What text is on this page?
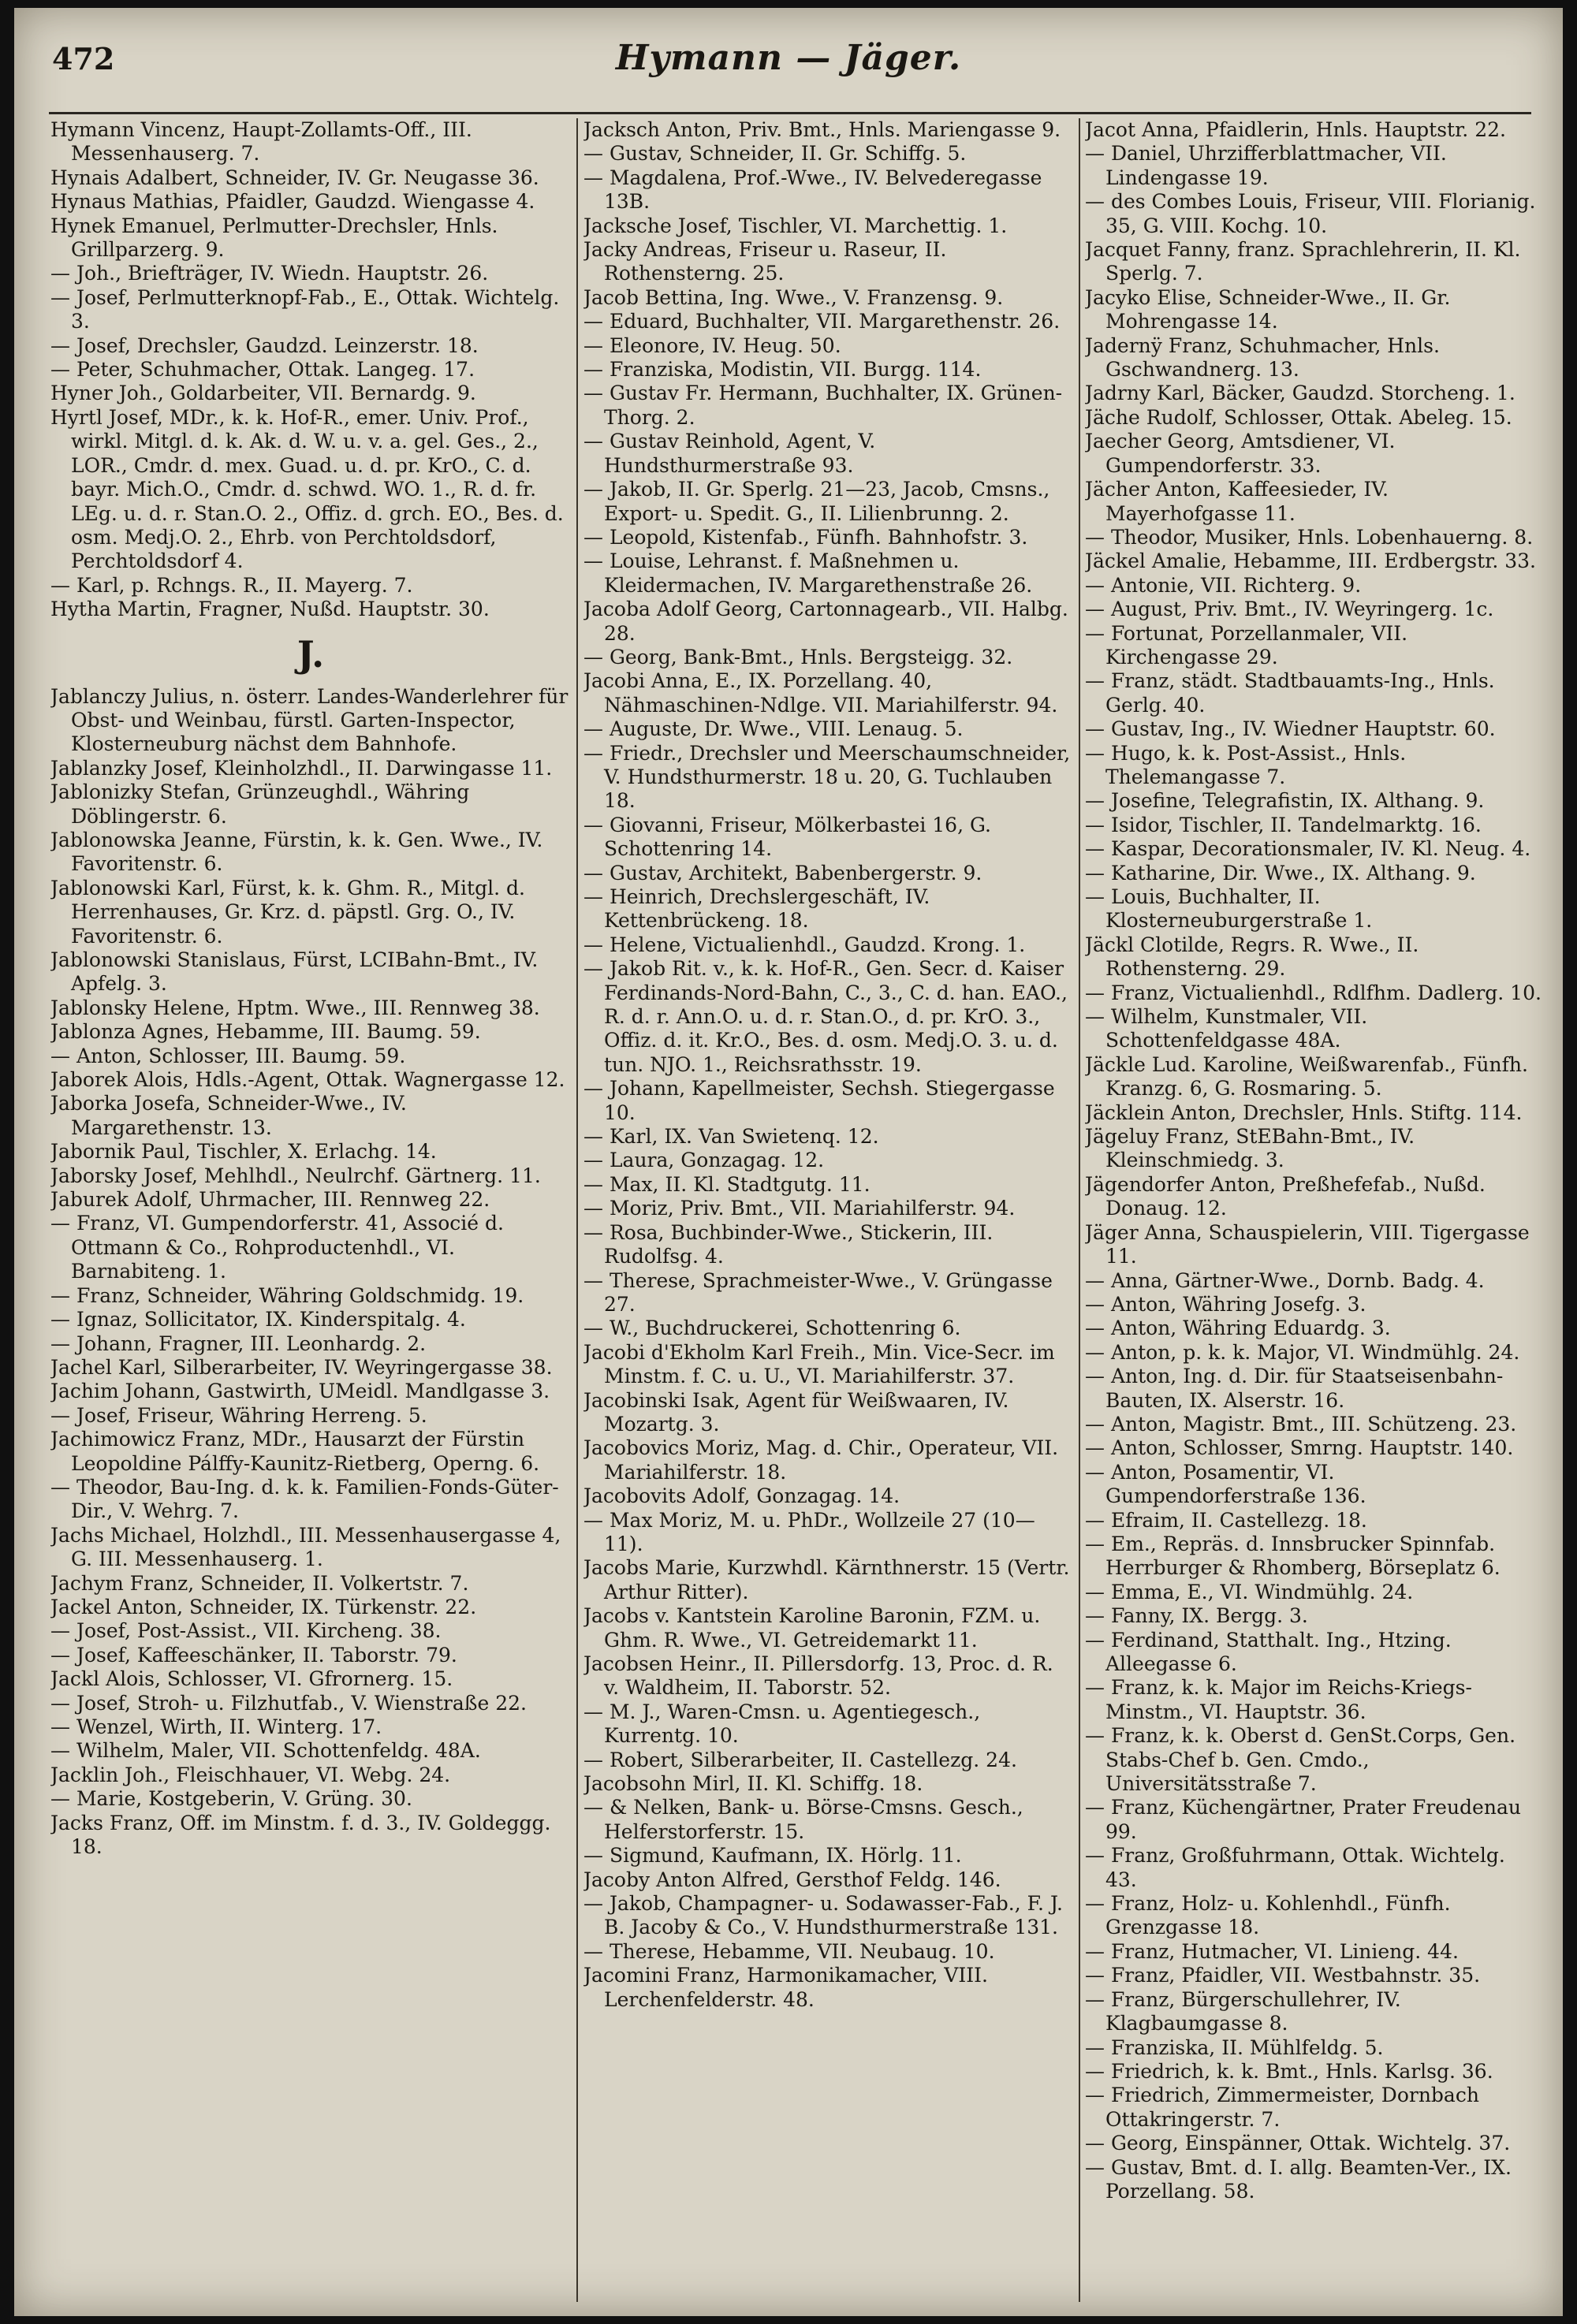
472	Hymann — Jäger.

Hymann Vincenz, Haupt-Zollamts-Off., III. Messenhauserg. 7.

Hynais Adalbert, Schneider, IV. Gr. Neugasse 36.

Hynaus Mathias, Pfaidler, Gaudzd. Wiengasse 4.

Hynek Emanuel, Perlmutter-Drechsler, Hnls. Grillparzerg. 9.

— Joh., Briefträger, IV. Wiedn. Hauptstr. 26.

— Josef, Perlmutterknopf-Fab., E., Ottak. Wichtelg. 3.

— Josef, Drechsler, Gaudzd. Leinzerstr. 18.

— Peter, Schuhmacher, Ottak. Langeg. 17.

Hyner Joh., Goldarbeiter, VII. Bernardg. 9.

Hyrtl Josef, MDr., k. k. Hof-R., emer. Univ. Prof., wirkl. Mitgl. d. k. Ak. d. W. u. v. a. gel. Ges., 2., LOR., Cmdr. d. mex. Guad. u. d. pr. KrO., C. d. bayr. Mich.O., Cmdr. d. schwd. WO. 1., R. d. fr. LEg. u. d. r. Stan.O. 2., Offiz. d. grch. EO., Bes. d. osm. Medj.O. 2., Ehrb. von Perchtoldsdorf, Perchtoldsdorf 4.

— Karl, p. Rchngs. R., II. Mayerg. 7.

Hytha Martin, Fragner, Nußd. Hauptstr. 30.

J.

Jablanczy Julius, n. österr. Landes-Wanderlehrer für Obst- und Weinbau, fürstl. Garten-Inspector, Klosterneuburg nächst dem Bahnhofe.

Jablanzky Josef, Kleinholzhdl., II. Darwingasse 11.

Jablonizky Stefan, Grünzeughdl., Währing Döblingerstr. 6.

Jablonowska Jeanne, Fürstin, k. k. Gen. Wwe., IV. Favoritenstr. 6.

Jablonowski Karl, Fürst, k. k. Ghm. R., Mitgl. d. Herrenhauses, Gr. Krz. d. päpstl. Grg. O., IV. Favoritenstr. 6.

Jablonowski Stanislaus, Fürst, LCIBahn-Bmt., IV. Apfelg. 3.

Jablonsky Helene, Hptm. Wwe., III. Rennweg 38.

Jablonza Agnes, Hebamme, III. Baumg. 59.

— Anton, Schlosser, III. Baumg. 59.

Jaborek Alois, Hdls.-Agent, Ottak. Wagnergasse 12.

Jaborka Josefa, Schneider-Wwe., IV. Margarethenstr. 13.

Jabornik Paul, Tischler, X. Erlachg. 14.

Jaborsky Josef, Mehlhdl., Neulrchf. Gärtnerg. 11.

Jaburek Adolf, Uhrmacher, III. Rennweg 22.

— Franz, VI. Gumpendorferstr. 41, Associé d. Ottmann & Co., Rohproductenhdl., VI. Barnabiteng. 1.

— Franz, Schneider, Währing Goldschmidg. 19.

— Ignaz, Sollicitator, IX. Kinderspitalg. 4.

— Johann, Fragner, III. Leonhardg. 2.

Jachel Karl, Silberarbeiter, IV. Weyringergasse 38.

Jachim Johann, Gastwirth, UMeidl. Mandlgasse 3.

— Josef, Friseur, Währing Herreng. 5.

Jachimowicz Franz, MDr., Hausarzt der Fürstin Leopoldine Pálffy-Kaunitz-Rietberg, Operng. 6.

— Theodor, Bau-Ing. d. k. k. Familien-Fonds-Güter-Dir., V. Wehrg. 7.

Jachs Michael, Holzhdl., III. Messenhausergasse 4, G. III. Messenhauserg. 1.

Jachym Franz, Schneider, II. Volkertstr. 7.

Jackel Anton, Schneider, IX. Türkenstr. 22.

— Josef, Post-Assist., VII. Kircheng. 38.

— Josef, Kaffeeschänker, II. Taborstr. 79.

Jackl Alois, Schlosser, VI. Gfrornerg. 15.

— Josef, Stroh- u. Filzhutfab., V. Wienstraße 22.

— Wenzel, Wirth, II. Winterg. 17.

— Wilhelm, Maler, VII. Schottenfeldg. 48A.

Jacklin Joh., Fleischhauer, VI. Webg. 24.

— Marie, Kostgeberin, V. Grüng. 30.

Jacks Franz, Off. im Minstm. f. d. 3., IV. Goldeggg. 18.

Jacksch Anton, Priv. Bmt., Hnls. Mariengasse 9.

— Gustav, Schneider, II. Gr. Schiffg. 5.

— Magdalena, Prof.-Wwe., IV. Belvederegasse 13B.

Jacksche Josef, Tischler, VI. Marchettig. 1.

Jacky Andreas, Friseur u. Raseur, II. Rothensterng. 25.

Jacob Bettina, Ing. Wwe., V. Franzensg. 9.

— Eduard, Buchhalter, VII. Margarethenstr. 26.

— Eleonore, IV. Heug. 50.

— Franziska, Modistin, VII. Burgg. 114.

— Gustav Fr. Hermann, Buchhalter, IX. Grünen-Thorg. 2.

— Gustav Reinhold, Agent, V. Hundsthurmerstraße 93.

— Jakob, II. Gr. Sperlg. 21—23, Jacob, Cmsns., Export- u. Spedit. G., II. Lilienbrunng. 2.

— Leopold, Kistenfab., Fünfh. Bahnhofstr. 3.

— Louise, Lehranst. f. Maßnehmen u. Kleidermachen, IV. Margarethenstraße 26.

Jacoba Adolf Georg, Cartonnagearb., VII. Halbg. 28.

— Georg, Bank-Bmt., Hnls. Bergsteigg. 32.

Jacobi Anna, E., IX. Porzellang. 40, Nähmaschinen-Ndlge. VII. Mariahilferstr. 94.

— Auguste, Dr. Wwe., VIII. Lenaug. 5.

— Friedr., Drechsler und Meerschaumschneider, V. Hundsthurmerstr. 18 u. 20, G. Tuchlauben 18.

— Giovanni, Friseur, Mölkerbastei 16, G. Schottenring 14.

— Gustav, Architekt, Babenbergerstr. 9.

— Heinrich, Drechslergeschäft, IV. Kettenbrückeng. 18.

— Helene, Victualienhdl., Gaudzd. Krong. 1.

— Jakob Rit. v., k. k. Hof-R., Gen. Secr. d. Kaiser Ferdinands-Nord-Bahn, C., 3., C. d. han. EAO., R. d. r. Ann.O. u. d. r. Stan.O., d. pr. KrO. 3., Offiz. d. it. Kr.O., Bes. d. osm. Medj.O. 3. u. d. tun. NJO. 1., Reichsrathsstr. 19.

— Johann, Kapellmeister, Sechsh. Stiegergasse 10.

— Karl, IX. Van Swietenq. 12.

— Laura, Gonzagag. 12.

— Max, II. Kl. Stadtgutg. 11.

— Moriz, Priv. Bmt., VII. Mariahilferstr. 94.

— Rosa, Buchbinder-Wwe., Stickerin, III. Rudolfsg. 4.

— Therese, Sprachmeister-Wwe., V. Grüngasse 27.

— W., Buchdruckerei, Schottenring 6.

Jacobi d'Ekholm Karl Freih., Min. Vice-Secr. im Minstm. f. C. u. U., VI. Mariahilferstr. 37.

Jacobinski Isak, Agent für Weißwaaren, IV. Mozartg. 3.

Jacobovics Moriz, Mag. d. Chir., Operateur, VII. Mariahilferstr. 18.

Jacobovits Adolf, Gonzagag. 14.

— Max Moriz, M. u. PhDr., Wollzeile 27 (10—11).

Jacobs Marie, Kurzwhdl. Kärnthnerstr. 15 (Vertr. Arthur Ritter).

Jacobs v. Kantstein Karoline Baronin, FZM. u. Ghm. R. Wwe., VI. Getreidemarkt 11.

Jacobsen Heinr., II. Pillersdorfg. 13, Proc. d. R. v. Waldheim, II. Taborstr. 52.

— M. J., Waren-Cmsn. u. Agentiegesch., Kurrentg. 10.

— Robert, Silberarbeiter, II. Castellezg. 24.

Jacobsohn Mirl, II. Kl. Schiffg. 18.

— & Nelken, Bank- u. Börse-Cmsns. Gesch., Helferstorferstr. 15.

— Sigmund, Kaufmann, IX. Hörlg. 11.

Jacoby Anton Alfred, Gersthof Feldg. 146.

— Jakob, Champagner- u. Sodawasser-Fab., F. J. B. Jacoby & Co., V. Hundsthurmerstraße 131.

— Therese, Hebamme, VII. Neubaug. 10.

Jacomini Franz, Harmonikamacher, VIII. Lerchenfelderstr. 48.

Jacot Anna, Pfaidlerin, Hnls. Hauptstr. 22.

— Daniel, Uhrzifferblattmacher, VII. Lindengasse 19.

— des Combes Louis, Friseur, VIII. Florianig. 35, G. VIII. Kochg. 10.

Jacquet Fanny, franz. Sprachlehrerin, II. Kl. Sperlg. 7.

Jacyko Elise, Schneider-Wwe., II. Gr. Mohrengasse 14.

Jadernÿ Franz, Schuhmacher, Hnls. Gschwandnerg. 13.

Jadrny Karl, Bäcker, Gaudzd. Storcheng. 1.

Jäche Rudolf, Schlosser, Ottak. Abeleg. 15.

Jaecher Georg, Amtsdiener, VI. Gumpendorferstr. 33.

Jächer Anton, Kaffeesieder, IV. Mayerhofgasse 11.

— Theodor, Musiker, Hnls. Lobenhauerng. 8.

Jäckel Amalie, Hebamme, III. Erdbergstr. 33.

— Antonie, VII. Richterg. 9.

— August, Priv. Bmt., IV. Weyringerg. 1c.

— Fortunat, Porzellanmaler, VII. Kirchengasse 29.

— Franz, städt. Stadtbauamts-Ing., Hnls. Gerlg. 40.

— Gustav, Ing., IV. Wiedner Hauptstr. 60.

— Hugo, k. k. Post-Assist., Hnls. Thelemangasse 7.

— Josefine, Telegrafistin, IX. Althang. 9.

— Isidor, Tischler, II. Tandelmarktg. 16.

— Kaspar, Decorationsmaler, IV. Kl. Neug. 4.

— Katharine, Dir. Wwe., IX. Althang. 9.

— Louis, Buchhalter, II. Klosterneuburgerstraße 1.

Jäckl Clotilde, Regrs. R. Wwe., II. Rothensterng. 29.

— Franz, Victualienhdl., Rdlfhm. Dadlerg. 10.

— Wilhelm, Kunstmaler, VII. Schottenfeldgasse 48A.

Jäckle Lud. Karoline, Weißwarenfab., Fünfh. Kranzg. 6, G. Rosmaring. 5.

Jäcklein Anton, Drechsler, Hnls. Stiftg. 114.

Jägeluy Franz, StEBahn-Bmt., IV. Kleinschmiedg. 3.

Jägendorfer Anton, Preßhefefab., Nußd. Donaug. 12.

Jäger Anna, Schauspielerin, VIII. Tigergasse 11.

— Anna, Gärtner-Wwe., Dornb. Badg. 4.

— Anton, Währing Josefg. 3.

— Anton, Währing Eduardg. 3.

— Anton, p. k. k. Major, VI. Windmühlg. 24.

— Anton, Ing. d. Dir. für Staatseisenbahn-Bauten, IX. Alserstr. 16.

— Anton, Magistr. Bmt., III. Schützeng. 23.

— Anton, Schlosser, Smrng. Hauptstr. 140.

— Anton, Posamentir, VI. Gumpendorferstraße 136.

— Efraim, II. Castellezg. 18.

— Em., Repräs. d. Innsbrucker Spinnfab. Herrburger & Rhomberg, Börseplatz 6.

— Emma, E., VI. Windmühlg. 24.

— Fanny, IX. Bergg. 3.

— Ferdinand, Statthalt. Ing., Htzing. Alleegasse 6.

— Franz, k. k. Major im Reichs-Kriegs-Minstm., VI. Hauptstr. 36.

— Franz, k. k. Oberst d. GenSt.Corps, Gen. Stabs-Chef b. Gen. Cmdo., Universitätsstraße 7.

— Franz, Küchengärtner, Prater Freudenau 99.

— Franz, Großfuhrmann, Ottak. Wichtelg. 43.

— Franz, Holz- u. Kohlenhdl., Fünfh. Grenzgasse 18.

— Franz, Hutmacher, VI. Linieng. 44.

— Franz, Pfaidler, VII. Westbahnstr. 35.

— Franz, Bürgerschullehrer, IV. Klagbaumgasse 8.

— Franziska, II. Mühlfeldg. 5.

— Friedrich, k. k. Bmt., Hnls. Karlsg. 36.

— Friedrich, Zimmermeister, Dornbach Ottakringerstr. 7.

— Georg, Einspänner, Ottak. Wichtelg. 37.

— Gustav, Bmt. d. I. allg. Beamten-Ver., IX. Porzellang. 58.
